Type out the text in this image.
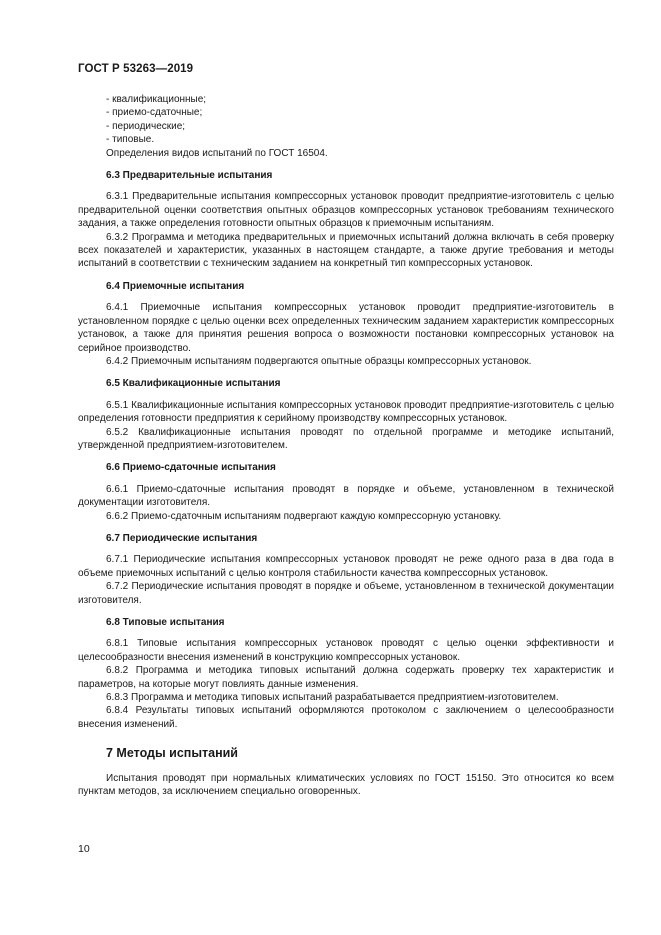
ГОСТ Р 53263—2019

- квалификационные;

- приемо-сдаточные;

- периодические;

- типовые.

Определения видов испытаний по ГОСТ 16504.

6.3 Предварительные испытания

6.3.1 Предварительные испытания компрессорных установок проводит предприятие-изготовитель с целью предварительной оценки соответствия опытных образцов компрессорных установок требованиям технического задания, а также определения готовности опытных образцов к приемочным испытаниям.

6.3.2 Программа и методика предварительных и приемочных испытаний должна включать в себя проверку всех показателей и характеристик, указанных в настоящем стандарте, а также другие требования и методы испытаний в соответствии с техническим заданием на конкретный тип компрессорных установок.

6.4 Приемочные испытания

6.4.1 Приемочные испытания компрессорных установок проводит предприятие-изготовитель в установленном порядке с целью оценки всех определенных техническим заданием характеристик компрессорных установок, а также для принятия решения вопроса о возможности постановки компрессорных установок на серийное производство.

6.4.2 Приемочным испытаниям подвергаются опытные образцы компрессорных установок.

6.5 Квалификационные испытания

6.5.1 Квалификационные испытания компрессорных установок проводит предприятие-изготовитель с целью определения готовности предприятия к серийному производству компрессорных установок.

6.5.2 Квалификационные испытания проводят по отдельной программе и методике испытаний, утвержденной предприятием-изготовителем.

6.6 Приемо-сдаточные испытания

6.6.1 Приемо-сдаточные испытания проводят в порядке и объеме, установленном в технической документации изготовителя.

6.6.2 Приемо-сдаточным испытаниям подвергают каждую компрессорную установку.

6.7 Периодические испытания

6.7.1 Периодические испытания компрессорных установок проводят не реже одного раза в два года в объеме приемочных испытаний с целью контроля стабильности качества компрессорных установок.

6.7.2 Периодические испытания проводят в порядке и объеме, установленном в технической документации изготовителя.

6.8 Типовые испытания

6.8.1 Типовые испытания компрессорных установок проводят с целью оценки эффективности и целесообразности внесения изменений в конструкцию компрессорных установок.

6.8.2 Программа и методика типовых испытаний должна содержать проверку тех характеристик и параметров, на которые могут повлиять данные изменения.

6.8.3 Программа и методика типовых испытаний разрабатывается предприятием-изготовителем.

6.8.4 Результаты типовых испытаний оформляются протоколом с заключением о целесообразности внесения изменений.

7 Методы испытаний

Испытания проводят при нормальных климатических условиях по ГОСТ 15150. Это относится ко всем пунктам методов, за исключением специально оговоренных.

10
